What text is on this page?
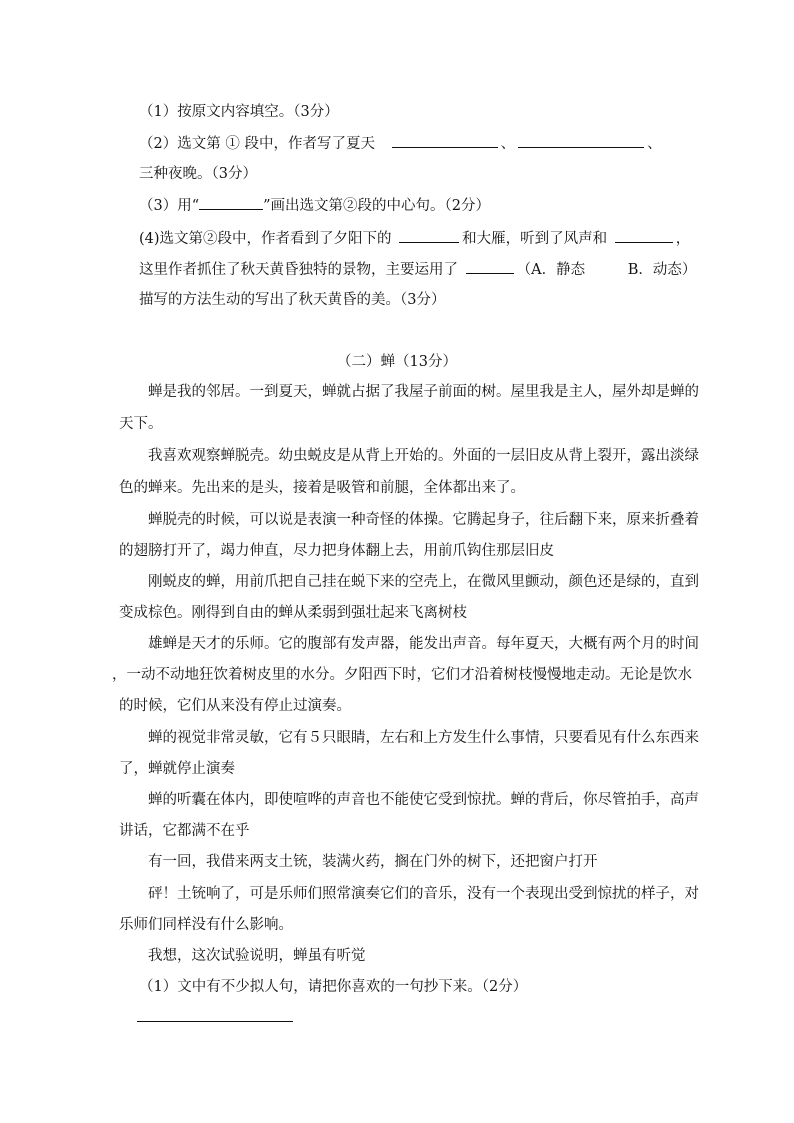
（1）按原文内容填空。（3分）
（2）选文第 ① 段中，作者写了夏天	、	、
三种夜晚。（3分）
（3）用“	”画出选文第②段的中心句。（2分）
(4)选文第②段中，作者看到了夕阳下的	和大雁，听到了风声和	，
这里作者抓住了秋天黄昏独特的景物，主要运用了	（A．静态	B．动态）
描写的方法生动的写出了秋天黄昏的美。（3分）
（二）蝉（13分）
蝉是我的邻居。一到夏天，蝉就占据了我屋子前面的树。屋里我是主人，屋外却是蝉的
天下。
我喜欢观察蝉脱壳。幼虫蜕皮是从背上开始的。外面的一层旧皮从背上裂开，露出淡绿
色的蝉来。先出来的是头，接着是吸管和前腿，全体都出来了。
蝉脱壳的时候，可以说是表演一种奇怪的体操。它腾起身子，往后翻下来，原来折叠着
的翅膀打开了，竭力伸直，尽力把身体翻上去，用前爪钩住那层旧皮
刚蜕皮的蝉，用前爪把自己挂在蜕下来的空壳上，在微风里颤动，颜色还是绿的，直到
变成棕色。刚得到自由的蝉从柔弱到强壮起来飞离树枝
雄蝉是天才的乐师。它的腹部有发声器，能发出声音。每年夏天，大概有两个月的时间
，一动不动地狂饮着树皮里的水分。夕阳西下时，它们才沿着树枝慢慢地走动。无论是饮水
的时候，它们从来没有停止过演奏。
蝉的视觉非常灵敏，它有５只眼睛，左右和上方发生什么事情，只要看见有什么东西来
了，蝉就停止演奏
蝉的听囊在体内，即使喧哗的声音也不能使它受到惊扰。蝉的背后，你尽管拍手，高声
讲话，它都满不在乎
有一回，我借来两支土铳，装满火药，搁在门外的树下，还把窗户打开
砰！土铳响了，可是乐师们照常演奏它们的音乐，没有一个表现出受到惊扰的样子，对
乐师们同样没有什么影响。
我想，这次试验说明，蝉虽有听觉
（1）文中有不少拟人句，请把你喜欢的一句抄下来。（2分）
